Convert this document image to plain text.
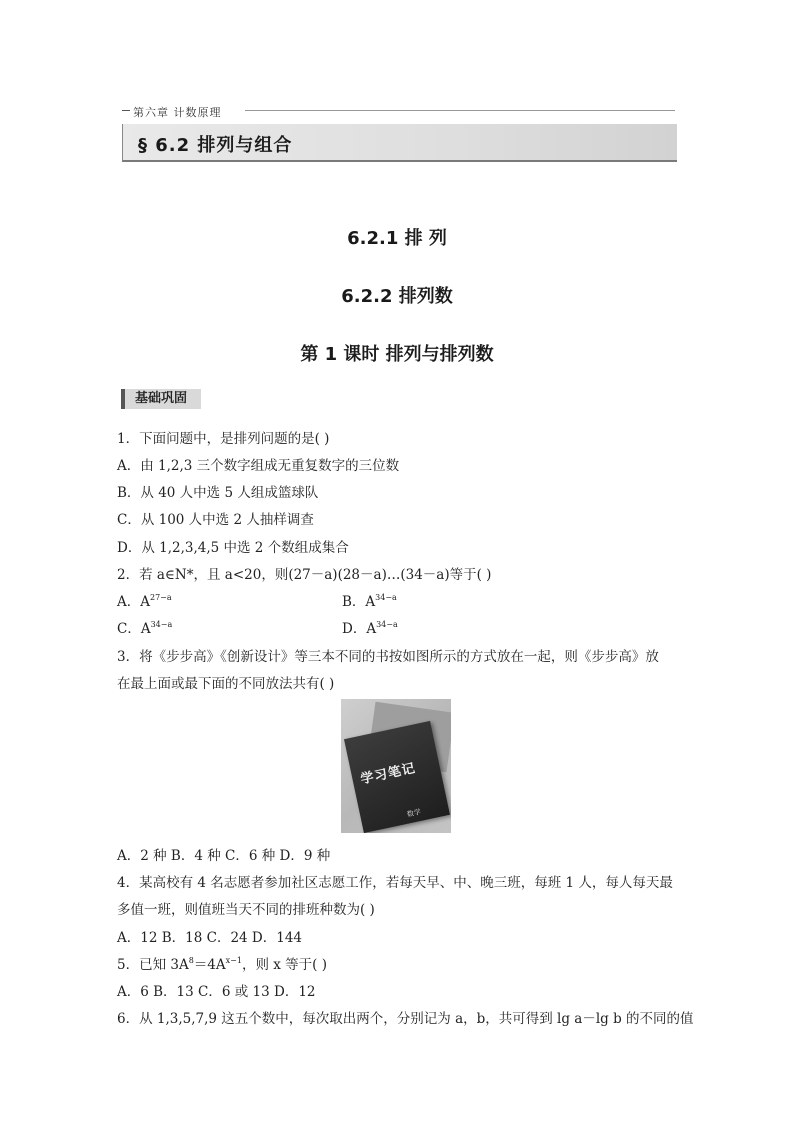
第六章 计数原理
§ 6.2 排列与组合
6.2.1 排 列
6.2.2 排列数
第 1 课时 排列与排列数
基础巩固
1．下面问题中，是排列问题的是( )
A．由 1,2,3 三个数字组成无重复数字的三位数
B．从 40 人中选 5 人组成篮球队
C．从 100 人中选 2 人抽样调查
D．从 1,2,3,4,5 中选 2 个数组成集合
2．若 a∈N*，且 a<20，则(27－a)(28－a)…(34－a)等于( )
A．$A^{27-a}$	B．$A^{34-a}$
C．$A^{34-a}$	D．$A^{34-a}$
3．将《步步高》《创新设计》等三本不同的书按如图所示的方式放在一起，则《步步高》放
在最上面或最下面的不同放法共有( )
学习笔记
数学
A．2 种 B．4 种 C．6 种 D．9 种
4．某高校有 4 名志愿者参加社区志愿工作，若每天早、中、晚三班，每班 1 人，每人每天最
多值一班，则值班当天不同的排班种数为( )
A．12 B．18 C．24 D．144
5．已知 $3A^8=4A^{x-1}$，则 x 等于( )
A．6 B．13 C．6 或 13 D．12
6．从 1,3,5,7,9 这五个数中，每次取出两个，分别记为 a，b，共可得到 lg a－lg b 的不同的值
